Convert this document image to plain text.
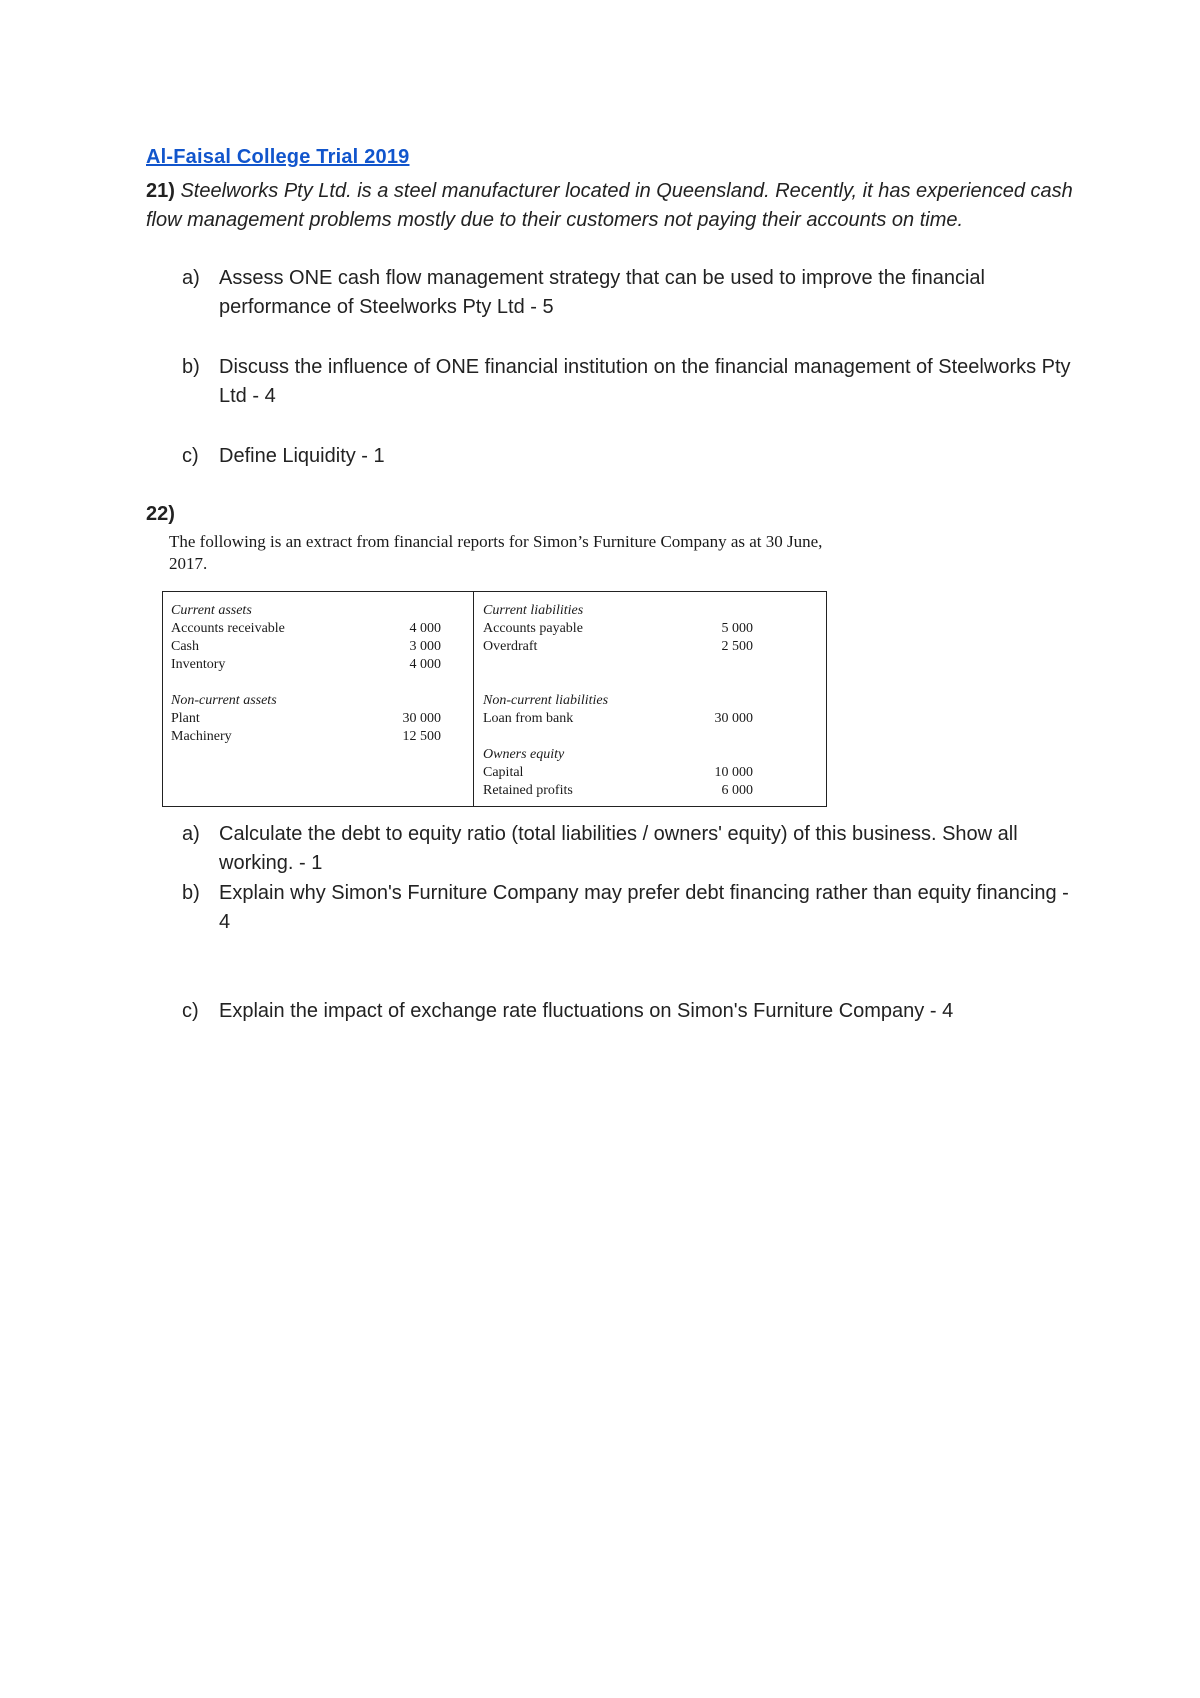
Al-Faisal College Trial 2019

21) Steelworks Pty Ltd. is a steel manufacturer located in Queensland. Recently, it has experienced cash flow management problems mostly due to their customers not paying their accounts on time.

a) Assess ONE cash flow management strategy that can be used to improve the financial performance of Steelworks Pty Ltd - 5
b) Discuss the influence of ONE financial institution on the financial management of Steelworks Pty Ltd - 4
c) Define Liquidity - 1
22)
The following is an extract from financial reports for Simon’s Furniture Company as at 30 June, 2017.
Current assets
Accounts receivable	4 000
Cash	3 000
Inventory	4 000
Non-current assets
Plant	30 000
Machinery	12 500
Current liabilities
Accounts payable	5 000
Overdraft	2 500
Non-current liabilities
Loan from bank	30 000
Owners equity
Capital	10 000
Retained profits	6 000
a) Calculate the debt to equity ratio (total liabilities / owners' equity) of this business. Show all working. - 1
b) Explain why Simon's Furniture Company may prefer debt financing rather than equity financing - 4
c) Explain the impact of exchange rate fluctuations on Simon's Furniture Company - 4
